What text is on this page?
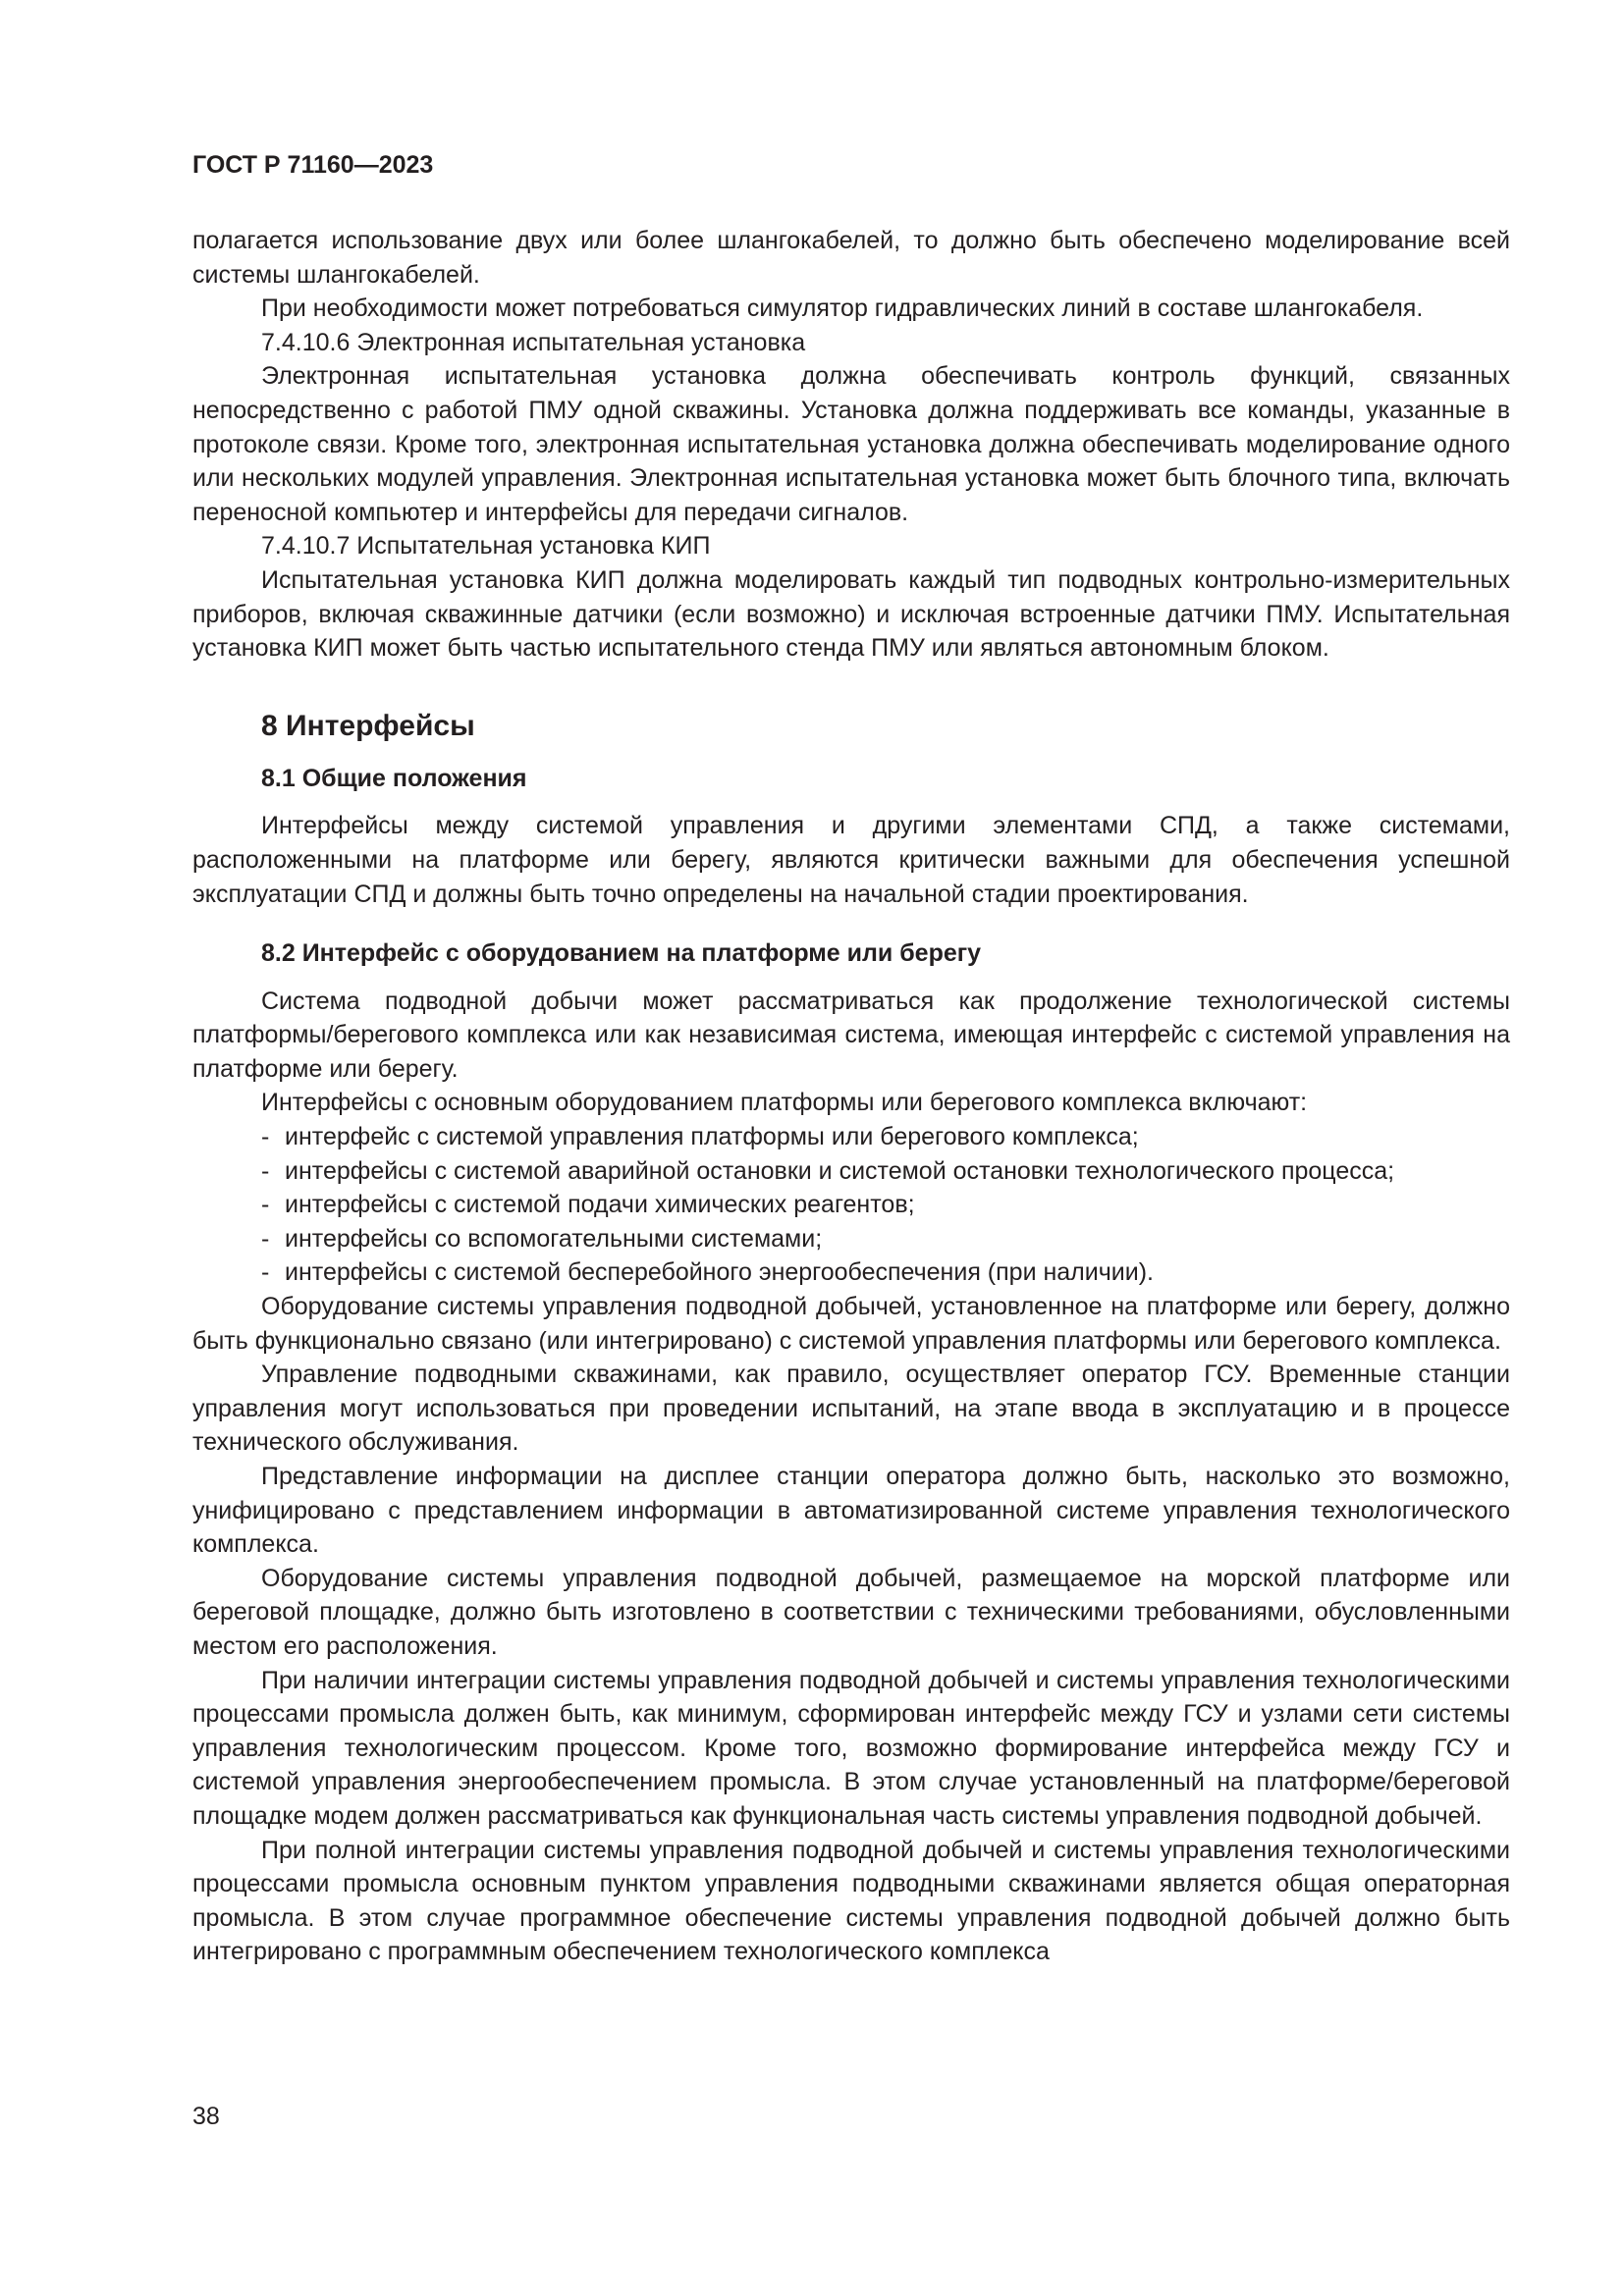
ГОСТ Р 71160—2023

полагается использование двух или более шлангокабелей, то должно быть обеспечено моделирование всей системы шлангокабелей.

При необходимости может потребоваться симулятор гидравлических линий в составе шлангокабеля.

7.4.10.6 Электронная испытательная установка

Электронная испытательная установка должна обеспечивать контроль функций, связанных непосредственно с работой ПМУ одной скважины. Установка должна поддерживать все команды, указанные в протоколе связи. Кроме того, электронная испытательная установка должна обеспечивать моделирование одного или нескольких модулей управления. Электронная испытательная установка может быть блочного типа, включать переносной компьютер и интерфейсы для передачи сигналов.

7.4.10.7 Испытательная установка КИП

Испытательная установка КИП должна моделировать каждый тип подводных контрольно-измерительных приборов, включая скважинные датчики (если возможно) и исключая встроенные датчики ПМУ. Испытательная установка КИП может быть частью испытательного стенда ПМУ или являться автономным блоком.

8 Интерфейсы
8.1 Общие положения

Интерфейсы между системой управления и другими элементами СПД, а также системами, расположенными на платформе или берегу, являются критически важными для обеспечения успешной эксплуатации СПД и должны быть точно определены на начальной стадии проектирования.

8.2 Интерфейс с оборудованием на платформе или берегу

Система подводной добычи может рассматриваться как продолжение технологической системы платформы/берегового комплекса или как независимая система, имеющая интерфейс с системой управления на платформе или берегу.

Интерфейсы с основным оборудованием платформы или берегового комплекса включают:

- интерфейс с системой управления платформы или берегового комплекса;
- интерфейсы с системой аварийной остановки и системой остановки технологического процесса;
- интерфейсы с системой подачи химических реагентов;
- интерфейсы со вспомогательными системами;
- интерфейсы с системой бесперебойного энергообеспечения (при наличии).

Оборудование системы управления подводной добычей, установленное на платформе или берегу, должно быть функционально связано (или интегрировано) с системой управления платформы или берегового комплекса.

Управление подводными скважинами, как правило, осуществляет оператор ГСУ. Временные станции управления могут использоваться при проведении испытаний, на этапе ввода в эксплуатацию и в процессе технического обслуживания.

Представление информации на дисплее станции оператора должно быть, насколько это возможно, унифицировано с представлением информации в автоматизированной системе управления технологического комплекса.

Оборудование системы управления подводной добычей, размещаемое на морской платформе или береговой площадке, должно быть изготовлено в соответствии с техническими требованиями, обусловленными местом его расположения.

При наличии интеграции системы управления подводной добычей и системы управления технологическими процессами промысла должен быть, как минимум, сформирован интерфейс между ГСУ и узлами сети системы управления технологическим процессом. Кроме того, возможно формирование интерфейса между ГСУ и системой управления энергообеспечением промысла. В этом случае установленный на платформе/береговой площадке модем должен рассматриваться как функциональная часть системы управления подводной добычей.

При полной интеграции системы управления подводной добычей и системы управления технологическими процессами промысла основным пунктом управления подводными скважинами является общая операторная промысла. В этом случае программное обеспечение системы управления подводной добычей должно быть интегрировано с программным обеспечением технологического комплекса

38
